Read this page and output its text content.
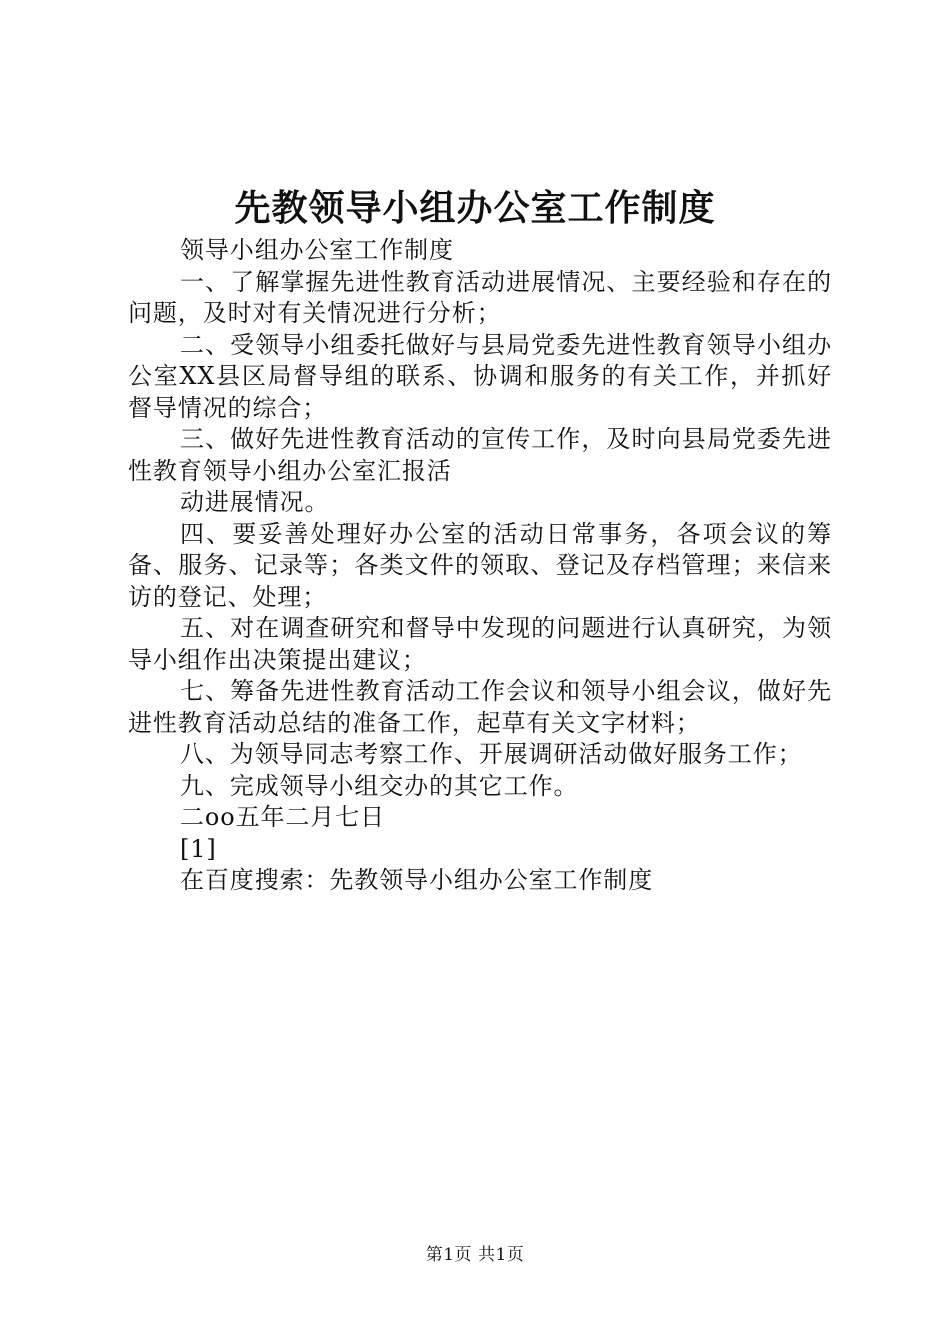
先教领导小组办公室工作制度

领导小组办公室工作制度

一、了解掌握先进性教育活动进展情况、主要经验和存在的问题，及时对有关情况进行分析；

二、受领导小组委托做好与县局党委先进性教育领导小组办公室XX县区局督导组的联系、协调和服务的有关工作，并抓好督导情况的综合；

三、做好先进性教育活动的宣传工作，及时向县局党委先进性教育领导小组办公室汇报活

动进展情况。

四、要妥善处理好办公室的活动日常事务，各项会议的筹备、服务、记录等；各类文件的领取、登记及存档管理；来信来访的登记、处理；

五、对在调查研究和督导中发现的问题进行认真研究，为领导小组作出决策提出建议；

七、筹备先进性教育活动工作会议和领导小组会议，做好先进性教育活动总结的准备工作，起草有关文字材料；

八、为领导同志考察工作、开展调研活动做好服务工作；

九、完成领导小组交办的其它工作。

二oo五年二月七日

[1]

在百度搜索：先教领导小组办公室工作制度

第1页 共1页
